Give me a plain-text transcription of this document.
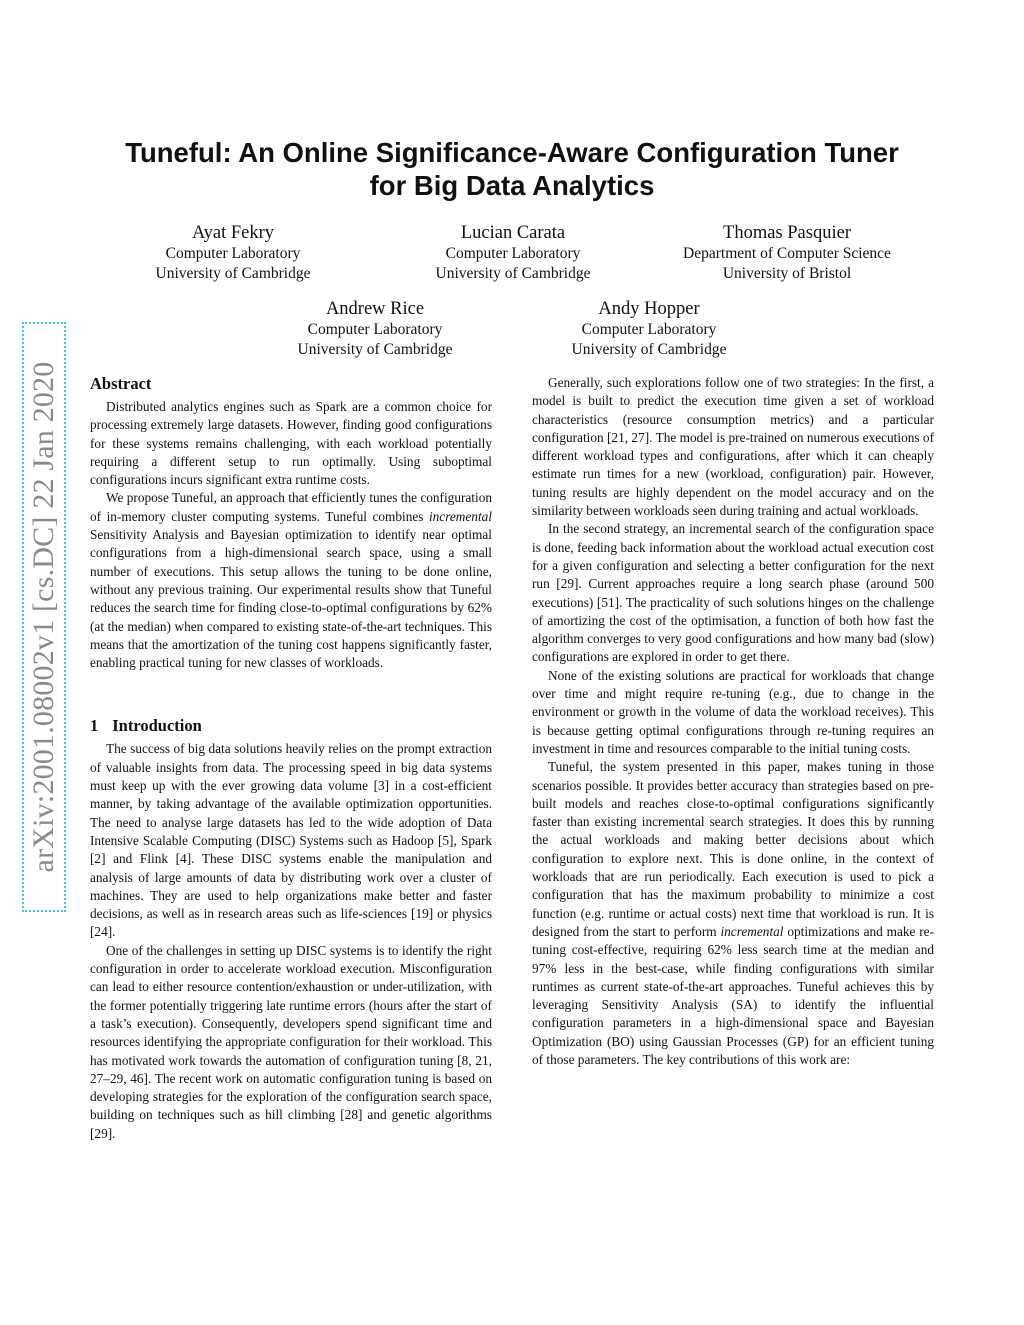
arXiv:2001.08002v1 [cs.DC] 22 Jan 2020
Tuneful: An Online Significance-Aware Configuration Tuner
for Big Data Analytics
Ayat Fekry
Computer Laboratory
University of Cambridge
Lucian Carata
Computer Laboratory
University of Cambridge
Thomas Pasquier
Department of Computer Science
University of Bristol
Andrew Rice
Computer Laboratory
University of Cambridge
Andy Hopper
Computer Laboratory
University of Cambridge
Abstract

Distributed analytics engines such as Spark are a common choice for processing extremely large datasets. However, finding good configurations for these systems remains challenging, with each workload potentially requiring a different setup to run optimally. Using suboptimal configurations incurs significant extra runtime costs.

We propose Tuneful, an approach that efficiently tunes the configuration of in-memory cluster computing systems. Tuneful combines incremental Sensitivity Analysis and Bayesian optimization to identify near optimal configurations from a high-dimensional search space, using a small number of executions. This setup allows the tuning to be done online, without any previous training. Our experimental results show that Tuneful reduces the search time for finding close-to-optimal configurations by 62% (at the median) when compared to existing state-of-the-art techniques. This means that the amortization of the tuning cost happens significantly faster, enabling practical tuning for new classes of workloads.

1 Introduction

The success of big data solutions heavily relies on the prompt extraction of valuable insights from data. The processing speed in big data systems must keep up with the ever growing data volume [3] in a cost-efficient manner, by taking advantage of the available optimization opportunities. The need to analyse large datasets has led to the wide adoption of Data Intensive Scalable Computing (DISC) Systems such as Hadoop [5], Spark [2] and Flink [4]. These DISC systems enable the manipulation and analysis of large amounts of data by distributing work over a cluster of machines. They are used to help organizations make better and faster decisions, as well as in research areas such as life-sciences [19] or physics [24].

One of the challenges in setting up DISC systems is to identify the right configuration in order to accelerate workload execution. Misconfiguration can lead to either resource contention/exhaustion or under-utilization, with the former potentially triggering late runtime errors (hours after the start of a task’s execution). Consequently, developers spend significant time and resources identifying the appropriate configuration for their workload. This has motivated work towards the automation of configuration tuning [8, 21, 27–29, 46]. The recent work on automatic configuration tuning is based on developing strategies for the exploration of the configuration search space, building on techniques such as hill climbing [28] and genetic algorithms [29].

Generally, such explorations follow one of two strategies: In the first, a model is built to predict the execution time given a set of workload characteristics (resource consumption metrics) and a particular configuration [21, 27]. The model is pre-trained on numerous executions of different workload types and configurations, after which it can cheaply estimate run times for a new (workload, configuration) pair. However, tuning results are highly dependent on the model accuracy and on the similarity between workloads seen during training and actual workloads.

In the second strategy, an incremental search of the configuration space is done, feeding back information about the workload actual execution cost for a given configuration and selecting a better configuration for the next run [29]. Current approaches require a long search phase (around 500 executions) [51]. The practicality of such solutions hinges on the challenge of amortizing the cost of the optimisation, a function of both how fast the algorithm converges to very good configurations and how many bad (slow) configurations are explored in order to get there.

None of the existing solutions are practical for workloads that change over time and might require re-tuning (e.g., due to change in the environment or growth in the volume of data the workload receives). This is because getting optimal configurations through re-tuning requires an investment in time and resources comparable to the initial tuning costs.

Tuneful, the system presented in this paper, makes tuning in those scenarios possible. It provides better accuracy than strategies based on pre-built models and reaches close-to-optimal configurations significantly faster than existing incremental search strategies. It does this by running the actual workloads and making better decisions about which configuration to explore next. This is done online, in the context of workloads that are run periodically. Each execution is used to pick a configuration that has the maximum probability to minimize a cost function (e.g. runtime or actual costs) next time that workload is run. It is designed from the start to perform incremental optimizations and make re-tuning cost-effective, requiring 62% less search time at the median and 97% less in the best-case, while finding configurations with similar runtimes as current state-of-the-art approaches. Tuneful achieves this by leveraging Sensitivity Analysis (SA) to identify the influential configuration parameters in a high-dimensional space and Bayesian Optimization (BO) using Gaussian Processes (GP) for an efficient tuning of those parameters. The key contributions of this work are:
